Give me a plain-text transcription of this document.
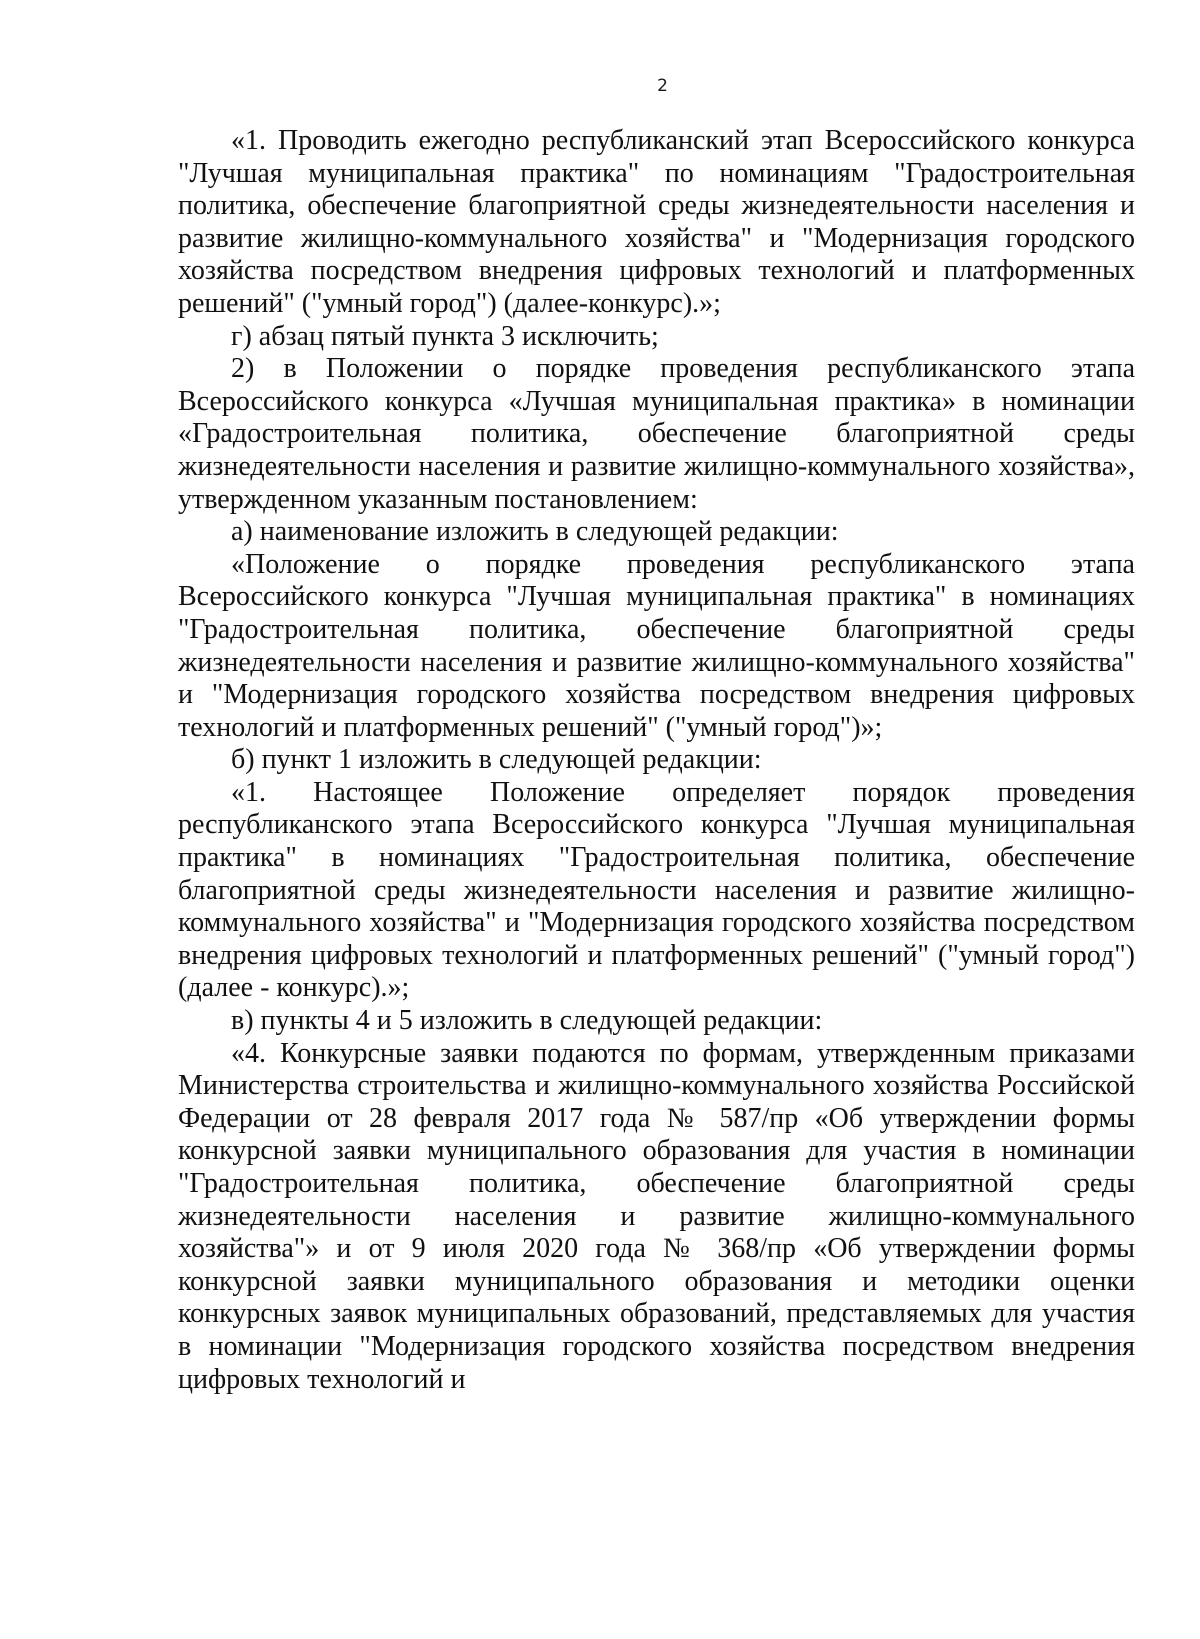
2

«1. Проводить ежегодно республиканский этап Всероссийского конкурса "Лучшая муниципальная практика" по номинациям "Градостроительная политика, обеспечение благоприятной среды жизнедеятельности населения и развитие жилищно-коммунального хозяйства" и "Модернизация городского хозяйства посредством внедрения цифровых технологий и платформенных решений" ("умный город") (далее-конкурс).»;

г) абзац пятый пункта 3 исключить;

2) в Положении о порядке проведения республиканского этапа Всероссийского конкурса «Лучшая муниципальная практика» в номинации «Градостроительная политика, обеспечение благоприятной среды жизнедеятельности населения и развитие жилищно-коммунального хозяйства», утвержденном указанным постановлением:

а) наименование изложить в следующей редакции:

«Положение о порядке проведения республиканского этапа Всероссийского конкурса "Лучшая муниципальная практика" в номинациях "Градостроительная политика, обеспечение благоприятной среды жизнедеятельности населения и развитие жилищно-коммунального хозяйства" и "Модернизация городского хозяйства посредством внедрения цифровых технологий и платформенных решений" ("умный город")»;

б) пункт 1 изложить в следующей редакции:

«1. Настоящее Положение определяет порядок проведения республиканского этапа Всероссийского конкурса "Лучшая муниципальная практика" в номинациях "Градостроительная политика, обеспечение благоприятной среды жизнедеятельности населения и развитие жилищно-коммунального хозяйства" и "Модернизация городского хозяйства посредством внедрения цифровых технологий и платформенных решений" ("умный город") (далее - конкурс).»;

в) пункты 4 и 5 изложить в следующей редакции:

«4. Конкурсные заявки подаются по формам, утвержденным приказами Министерства строительства и жилищно-коммунального хозяйства Российской Федерации от 28 февраля 2017 года № 587/пр «Об утверждении формы конкурсной заявки муниципального образования для участия в номинации "Градостроительная политика, обеспечение благоприятной среды жизнедеятельности населения и развитие жилищно-коммунального хозяйства"» и от 9 июля 2020 года № 368/пр «Об утверждении формы конкурсной заявки муниципального образования и методики оценки конкурсных заявок муниципальных образований, представляемых для участия в номинации "Модернизация городского хозяйства посредством внедрения цифровых технологий и
